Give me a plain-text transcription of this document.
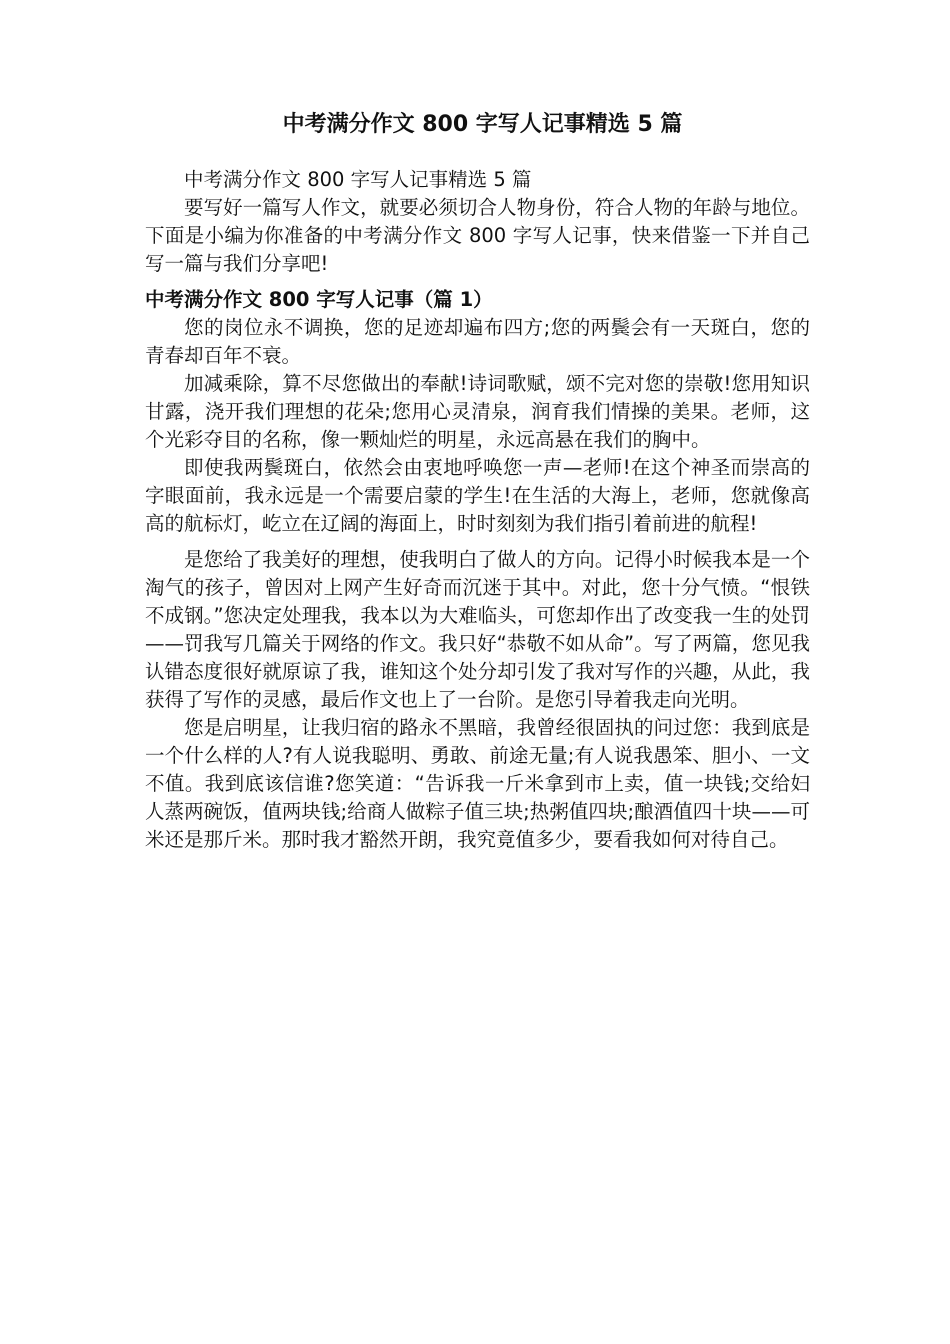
中考满分作文 800 字写人记事精选 5 篇

中考满分作文 800 字写人记事精选 5 篇

要写好一篇写人作文，就要必须切合人物身份，符合人物的年龄与地位。下面是小编为你准备的中考满分作文 800 字写人记事，快来借鉴一下并自己写一篇与我们分享吧!

中考满分作文 800 字写人记事（篇 1）

您的岗位永不调换，您的足迹却遍布四方;您的两鬓会有一天斑白，您的青春却百年不衰。

加减乘除，算不尽您做出的奉献!诗词歌赋，颂不完对您的崇敬!您用知识甘露，浇开我们理想的花朵;您用心灵清泉，润育我们情操的美果。老师，这个光彩夺目的名称，像一颗灿烂的明星，永远高悬在我们的胸中。

即使我两鬓斑白，依然会由衷地呼唤您一声—老师!在这个神圣而崇高的字眼面前，我永远是一个需要启蒙的学生!在生活的大海上，老师，您就像高高的航标灯，屹立在辽阔的海面上，时时刻刻为我们指引着前进的航程!

是您给了我美好的理想，使我明白了做人的方向。记得小时候我本是一个淘气的孩子，曾因对上网产生好奇而沉迷于其中。对此，您十分气愤。“恨铁不成钢。”您决定处理我，我本以为大难临头，可您却作出了改变我一生的处罚——罚我写几篇关于网络的作文。我只好“恭敬不如从命”。写了两篇，您见我认错态度很好就原谅了我，谁知这个处分却引发了我对写作的兴趣，从此，我获得了写作的灵感，最后作文也上了一台阶。是您引导着我走向光明。

您是启明星，让我归宿的路永不黑暗，我曾经很固执的问过您：我到底是一个什么样的人?有人说我聪明、勇敢、前途无量;有人说我愚笨、胆小、一文不值。我到底该信谁?您笑道：“告诉我一斤米拿到市上卖，值一块钱;交给妇人蒸两碗饭，值两块钱;给商人做粽子值三块;热粥值四块;酿酒值四十块——可米还是那斤米。那时我才豁然开朗，我究竟值多少，要看我如何对待自己。
